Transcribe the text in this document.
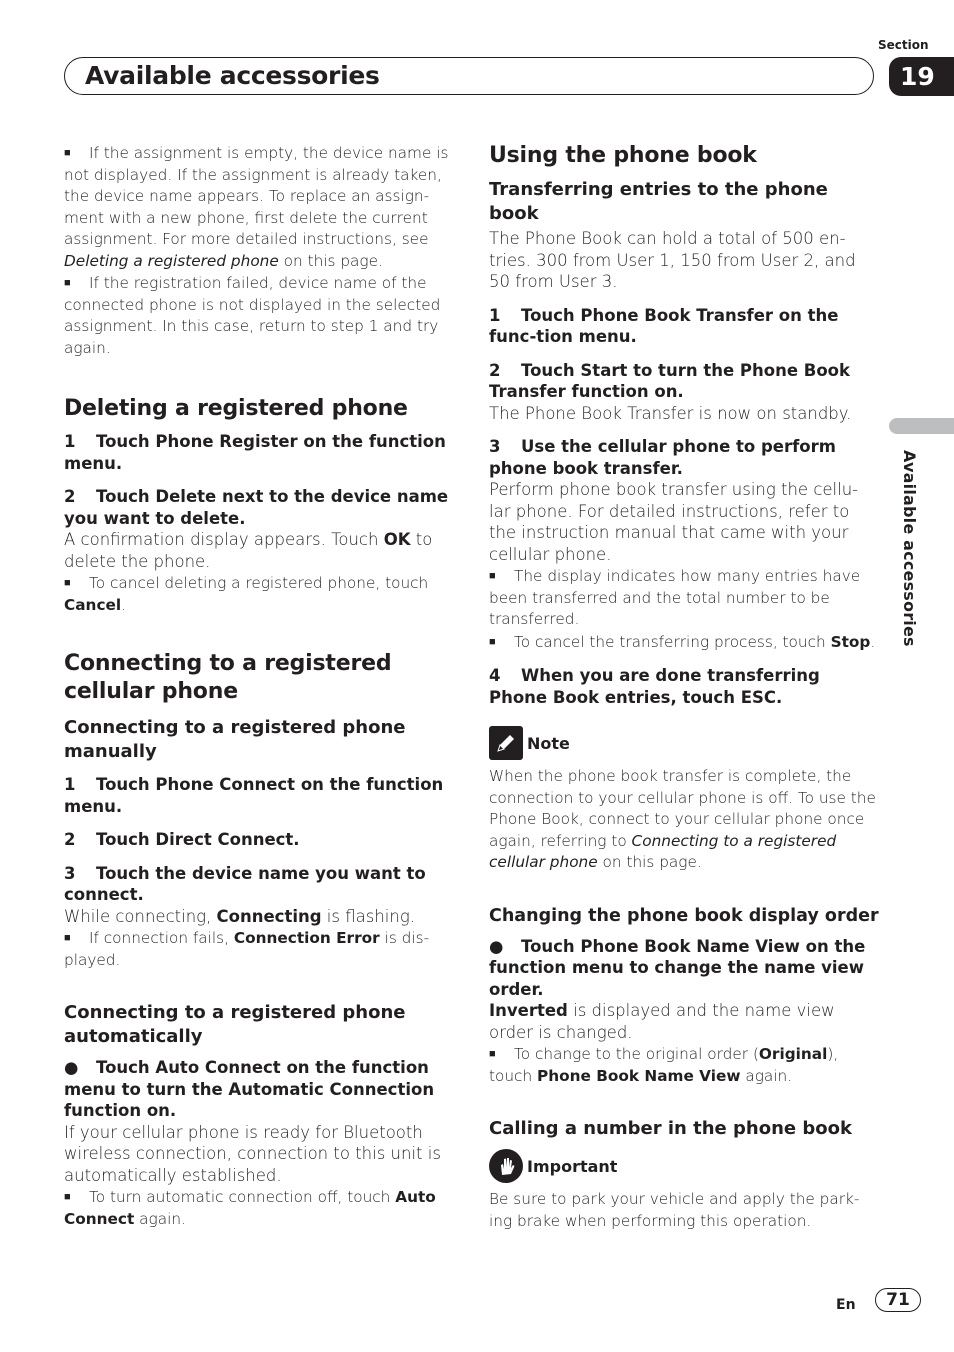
Section
Available accessories	19
Available accessories

■ If the assignment is empty, the device name is not displayed. If the assignment is already taken, the device name appears. To replace an assign-ment with a new phone, first delete the current assignment. For more detailed instructions, see Deleting a registered phone on this page.

■ If the registration failed, device name of the connected phone is not displayed in the selected assignment. In this case, return to step 1 and try again.

Deleting a registered phone

1 Touch Phone Register on the function menu.

2 Touch Delete next to the device name you want to delete.

A confirmation display appears. Touch OK to delete the phone.

■ To cancel deleting a registered phone, touch Cancel.

Connecting to a registered cellular phone
Connecting to a registered phone manually

1 Touch Phone Connect on the function menu.

2 Touch Direct Connect.

3 Touch the device name you want to connect.

While connecting, Connecting is flashing.

■ If connection fails, Connection Error is dis-played.

Connecting to a registered phone automatically

● Touch Auto Connect on the function menu to turn the Automatic Connection function on.

If your cellular phone is ready for Bluetooth wireless connection, connection to this unit is automatically established.

■ To turn automatic connection off, touch Auto Connect again.

Using the phone book
Transferring entries to the phone book

The Phone Book can hold a total of 500 en-tries. 300 from User 1, 150 from User 2, and 50 from User 3.

1 Touch Phone Book Transfer on the func-tion menu.

2 Touch Start to turn the Phone Book Transfer function on.

The Phone Book Transfer is now on standby.

3 Use the cellular phone to perform phone book transfer.

Perform phone book transfer using the cellu-lar phone. For detailed instructions, refer to the instruction manual that came with your cellular phone.

■ The display indicates how many entries have been transferred and the total number to be transferred.

■ To cancel the transferring process, touch Stop.

4 When you are done transferring Phone Book entries, touch ESC.

Note

When the phone book transfer is complete, the connection to your cellular phone is off. To use the Phone Book, connect to your cellular phone once again, referring to Connecting to a registered cellular phone on this page.

Changing the phone book display order

● Touch Phone Book Name View on the function menu to change the name view order.

Inverted is displayed and the name view order is changed.

■ To change to the original order (Original), touch Phone Book Name View again.

Calling a number in the phone book
Important

Be sure to park your vehicle and apply the park-ing brake when performing this operation.

En	71
